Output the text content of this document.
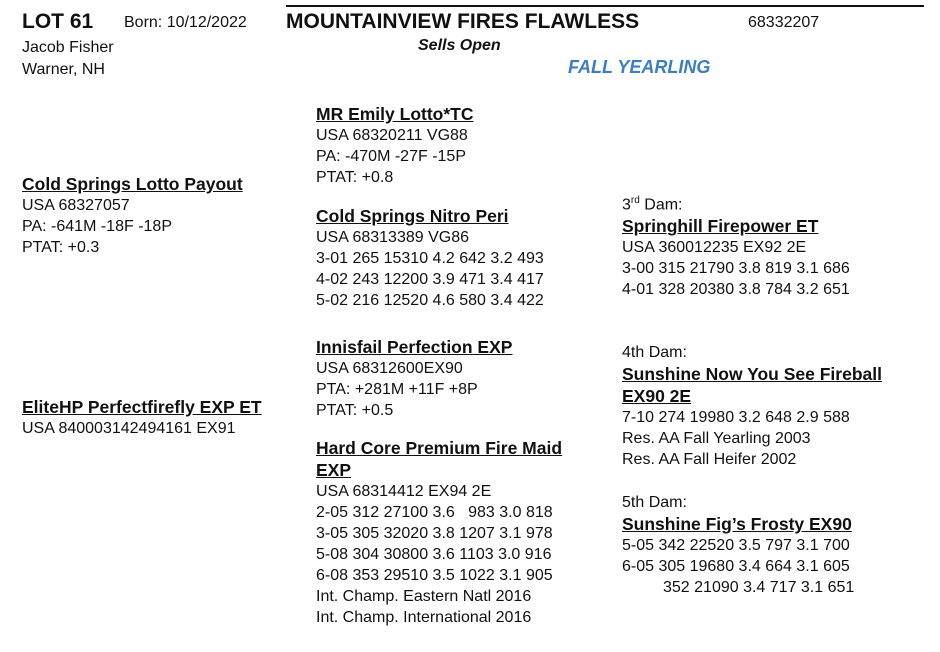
LOT 61 Born: 10/12/2022 MOUNTAINVIEW FIRES FLAWLESS	68332207
Jacob Fisher
Warner, NH
Sells Open
FALL YEARLING
Cold Springs Lotto Payout
USA 68327057
PA: -641M -18F -18P
PTAT: +0.3
EliteHP Perfectfirefly EXP ET
USA 840003142494161 EX91
MR Emily Lotto*TC
USA 68320211 VG88
PA: -470M -27F -15P
PTAT: +0.8
Cold Springs Nitro Peri
USA 68313389 VG86
3-01 265 15310 4.2 642 3.2 493
4-02 243 12200 3.9 471 3.4 417
5-02 216 12520 4.6 580 3.4 422
Innisfail Perfection EXP
USA 68312600EX90
PTA: +281M +11F +8P
PTAT: +0.5
Hard Core Premium Fire Maid
EXP
USA 68314412 EX94 2E
2-05 312 27100 3.6   983 3.0 818
3-05 305 32020 3.8 1207 3.1 978
5-08 304 30800 3.6 1103 3.0 916
6-08 353 29510 3.5 1022 3.1 905
Int. Champ. Eastern Natl 2016
Int. Champ. International 2016
3rd Dam:
Springhill Firepower ET
USA 360012235 EX92 2E
3-00 315 21790 3.8 819 3.1 686
4-01 328 20380 3.8 784 3.2 651
4th Dam:
Sunshine Now You See Fireball
EX90 2E
7-10 274 19980 3.2 648 2.9 588
Res. AA Fall Yearling 2003
Res. AA Fall Heifer 2002
5th Dam:
Sunshine Fig’s Frosty EX90
5-05 342 22520 3.5 797 3.1 700
6-05 305 19680 3.4 664 3.1 605
352 21090 3.4 717 3.1 651
